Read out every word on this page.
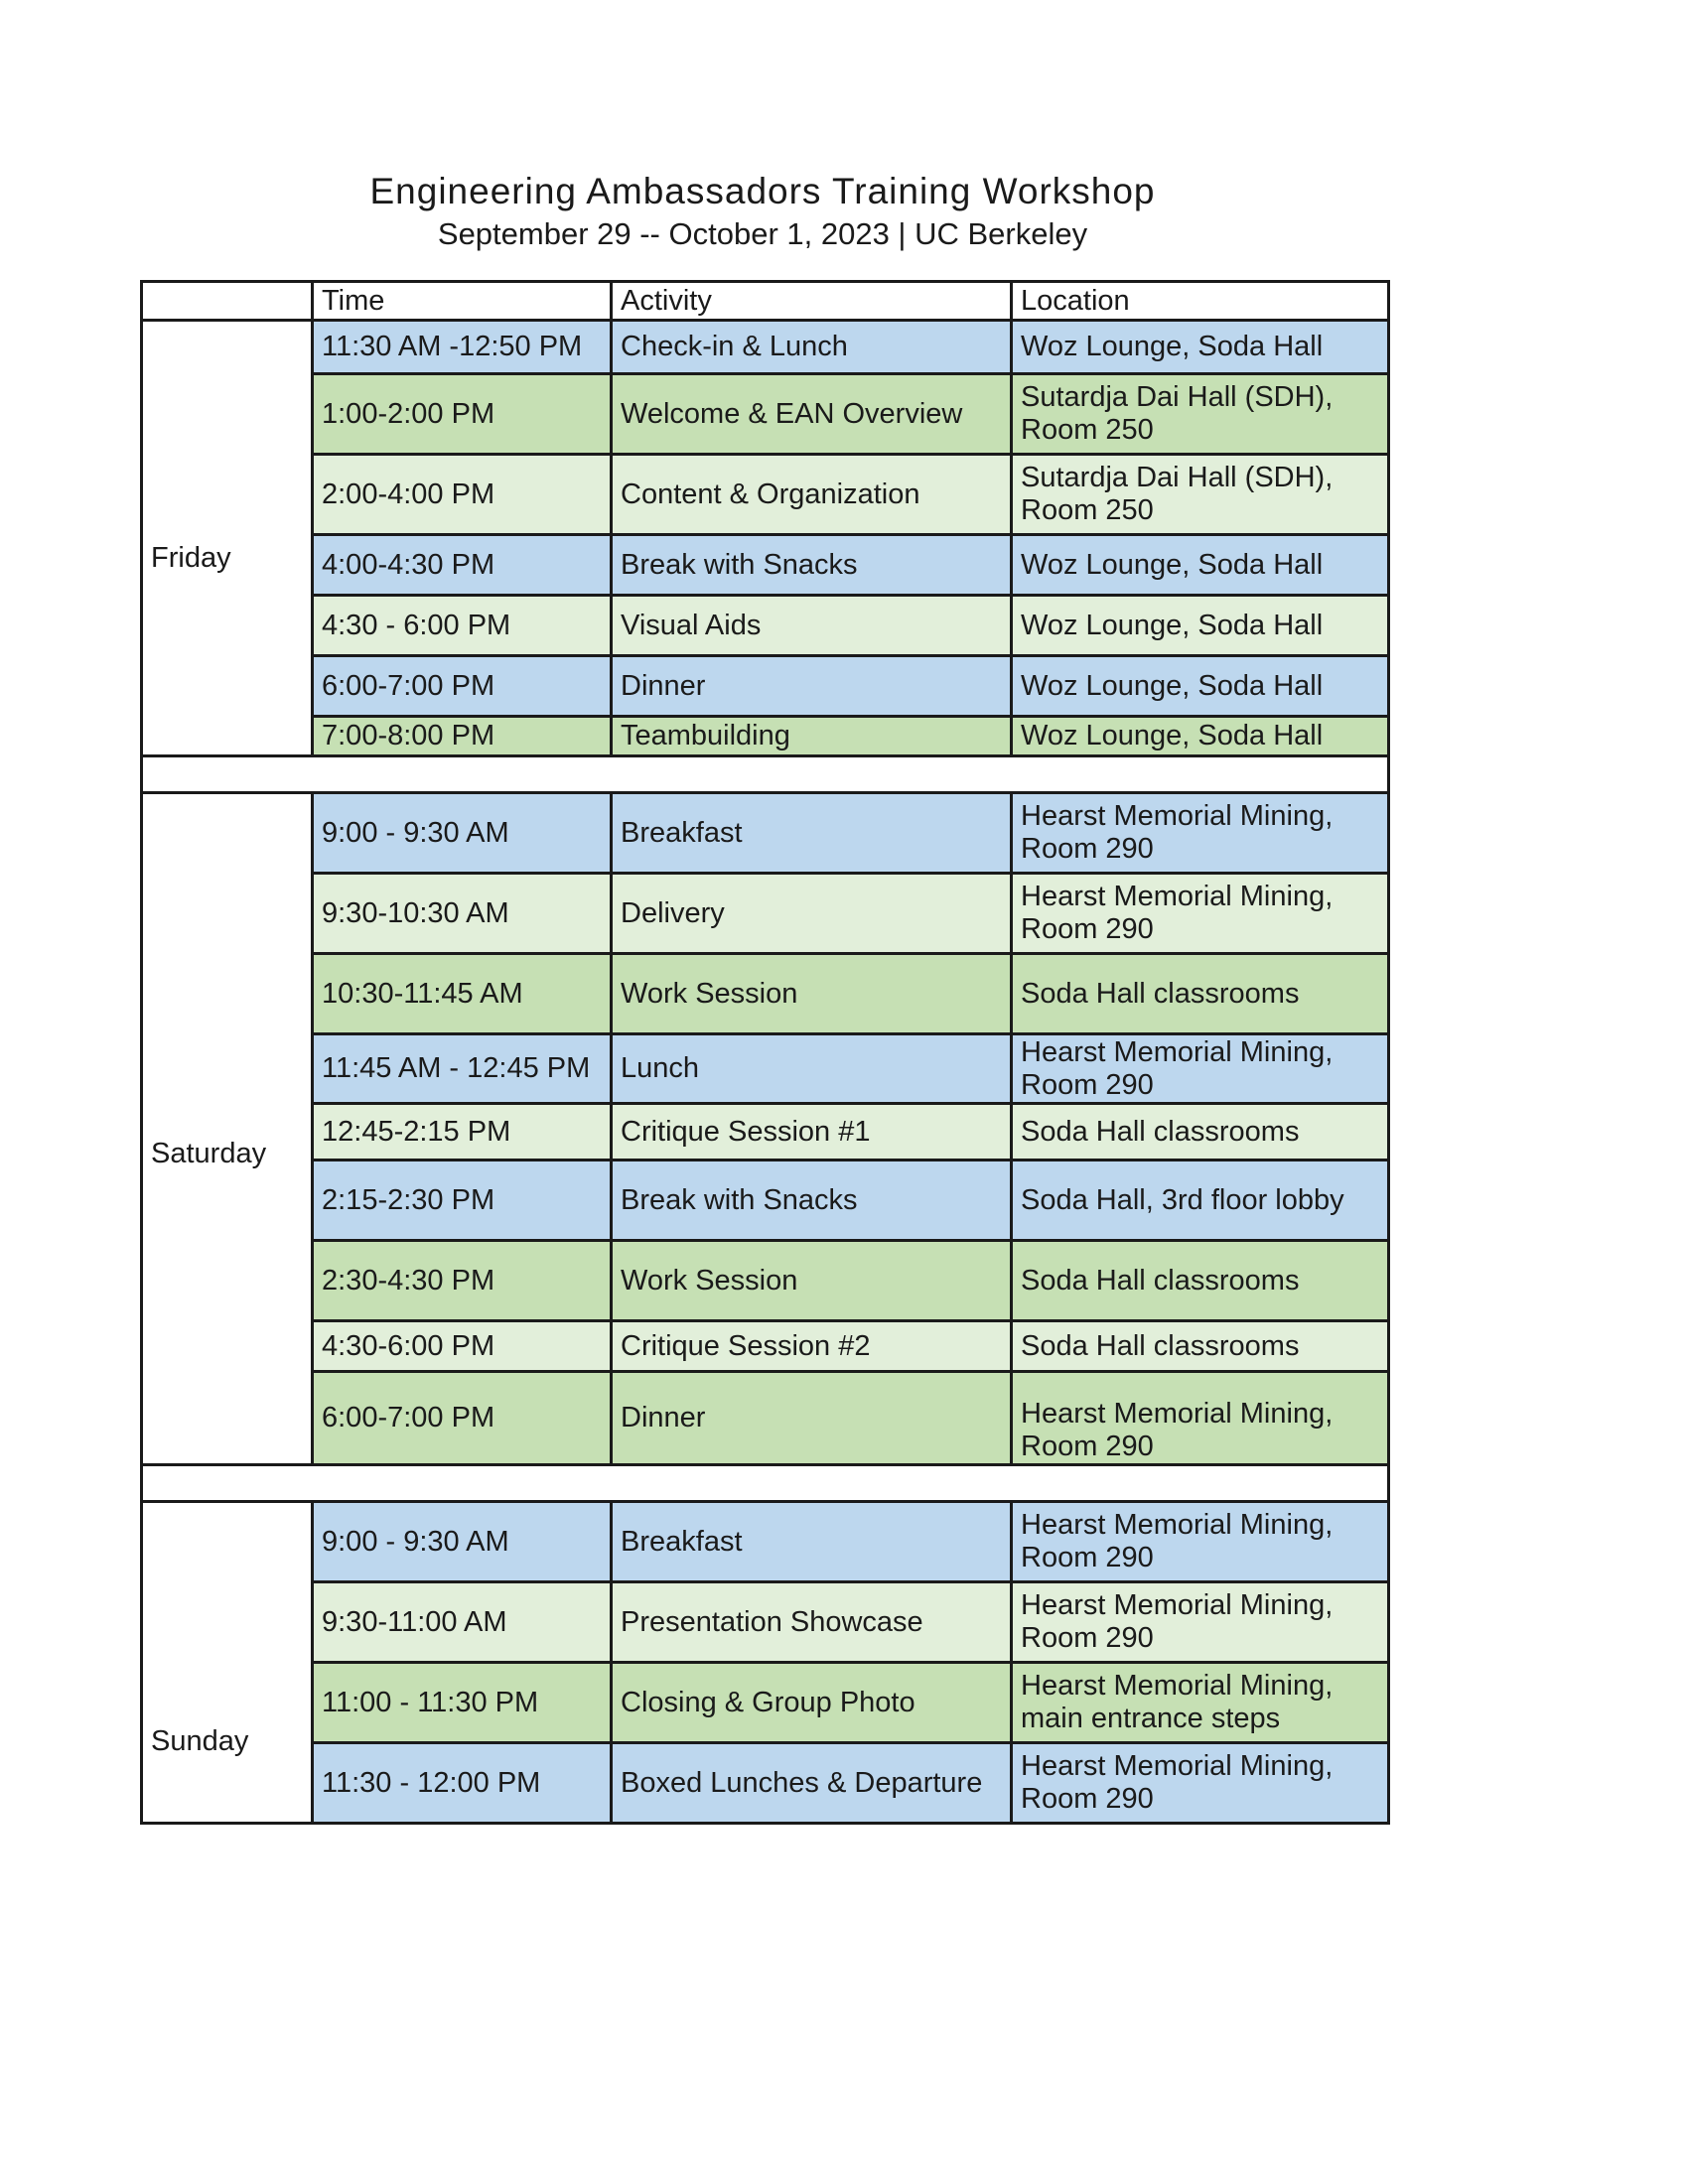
Engineering Ambassadors Training Workshop
September 29 -- October 1, 2023 | UC Berkeley
	Time	Activity	Location

Friday	11:30 AM -12:50 PM	Check-in & Lunch	Woz Lounge, Soda Hall
	1:00-2:00 PM	Welcome & EAN Overview	Sutardja Dai Hall (SDH), Room 250
	2:00-4:00 PM	Content & Organization	Sutardja Dai Hall (SDH), Room 250
	4:00-4:30 PM	Break with Snacks	Woz Lounge, Soda Hall
	4:30 - 6:00 PM	Visual Aids	Woz Lounge, Soda Hall
	6:00-7:00 PM	Dinner	Woz Lounge, Soda Hall
	7:00-8:00 PM	Teambuilding	Woz Lounge, Soda Hall

Saturday	9:00 - 9:30 AM	Breakfast	Hearst Memorial Mining, Room 290
	9:30-10:30 AM	Delivery	Hearst Memorial Mining, Room 290
	10:30-11:45 AM	Work Session	Soda Hall classrooms
	11:45 AM - 12:45 PM	Lunch	Hearst Memorial Mining, Room 290
	12:45-2:15 PM	Critique Session #1	Soda Hall classrooms
	2:15-2:30 PM	Break with Snacks	Soda Hall, 3rd floor lobby
	2:30-4:30 PM	Work Session	Soda Hall classrooms
	4:30-6:00 PM	Critique Session #2	Soda Hall classrooms
	6:00-7:00 PM	Dinner	Hearst Memorial Mining, Room 290

Sunday	9:00 - 9:30 AM	Breakfast	Hearst Memorial Mining, Room 290
	9:30-11:00 AM	Presentation Showcase	Hearst Memorial Mining, Room 290
	11:00 - 11:30 PM	Closing & Group Photo	Hearst Memorial Mining, main entrance steps
	11:30 - 12:00 PM	Boxed Lunches & Departure	Hearst Memorial Mining, Room 290
